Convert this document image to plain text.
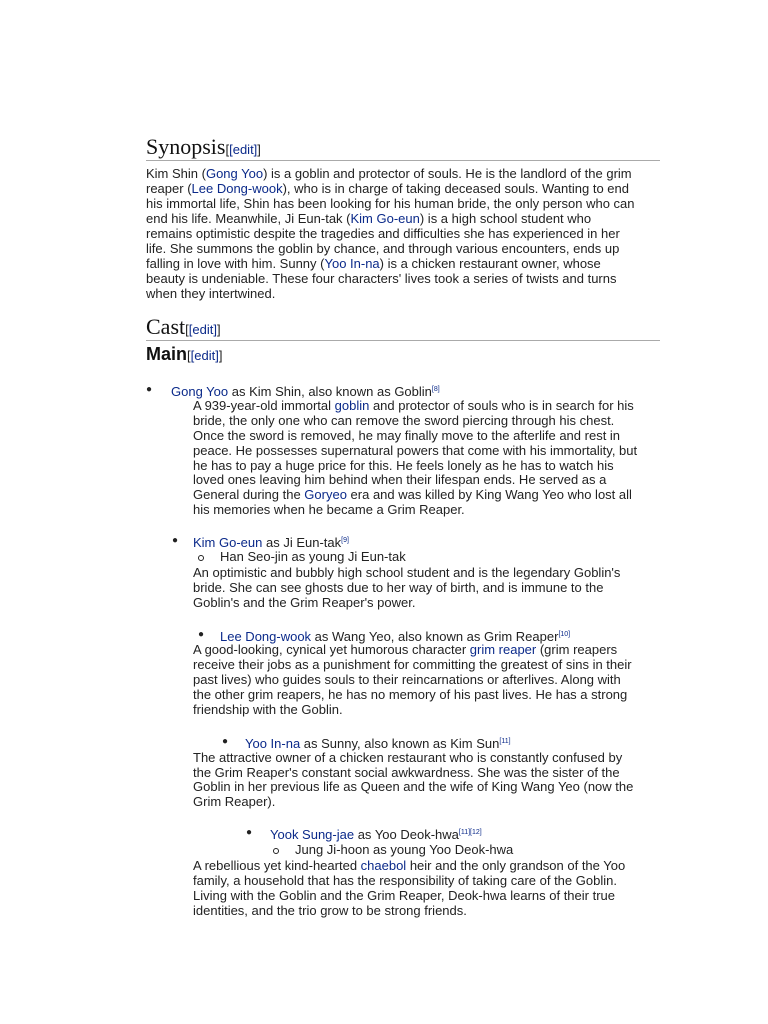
Synopsis[[edit]]
Kim Shin (Gong Yoo) is a goblin and protector of souls. He is the landlord of the grim
reaper (Lee Dong-wook), who is in charge of taking deceased souls. Wanting to end
his immortal life, Shin has been looking for his human bride, the only person who can
end his life. Meanwhile, Ji Eun-tak (Kim Go-eun) is a high school student who
remains optimistic despite the tragedies and difficulties she has experienced in her
life. She summons the goblin by chance, and through various encounters, ends up
falling in love with him. Sunny (Yoo In-na) is a chicken restaurant owner, whose
beauty is undeniable. These four characters' lives took a series of twists and turns
when they intertwined.
Cast[[edit]]
Main[[edit]]
● Gong Yoo as Kim Shin, also known as Goblin[8]
A 939-year-old immortal goblin and protector of souls who is in search for his
bride, the only one who can remove the sword piercing through his chest.
Once the sword is removed, he may finally move to the afterlife and rest in
peace. He possesses supernatural powers that come with his immortality, but
he has to pay a huge price for this. He feels lonely as he has to watch his
loved ones leaving him behind when their lifespan ends. He served as a
General during the Goryeo era and was killed by King Wang Yeo who lost all
his memories when he became a Grim Reaper.
● Kim Go-eun as Ji Eun-tak[9]
Han Seo-jin as young Ji Eun-tak
An optimistic and bubbly high school student and is the legendary Goblin's
bride. She can see ghosts due to her way of birth, and is immune to the
Goblin's and the Grim Reaper's power.
● Lee Dong-wook as Wang Yeo, also known as Grim Reaper[10]
A good-looking, cynical yet humorous character grim reaper (grim reapers
receive their jobs as a punishment for committing the greatest of sins in their
past lives) who guides souls to their reincarnations or afterlives. Along with
the other grim reapers, he has no memory of his past lives. He has a strong
friendship with the Goblin.
● Yoo In-na as Sunny, also known as Kim Sun[11]
The attractive owner of a chicken restaurant who is constantly confused by
the Grim Reaper's constant social awkwardness. She was the sister of the
Goblin in her previous life as Queen and the wife of King Wang Yeo (now the
Grim Reaper).
● Yook Sung-jae as Yoo Deok-hwa[11][12]
Jung Ji-hoon as young Yoo Deok-hwa
A rebellious yet kind-hearted chaebol heir and the only grandson of the Yoo
family, a household that has the responsibility of taking care of the Goblin.
Living with the Goblin and the Grim Reaper, Deok-hwa learns of their true
identities, and the trio grow to be strong friends.
